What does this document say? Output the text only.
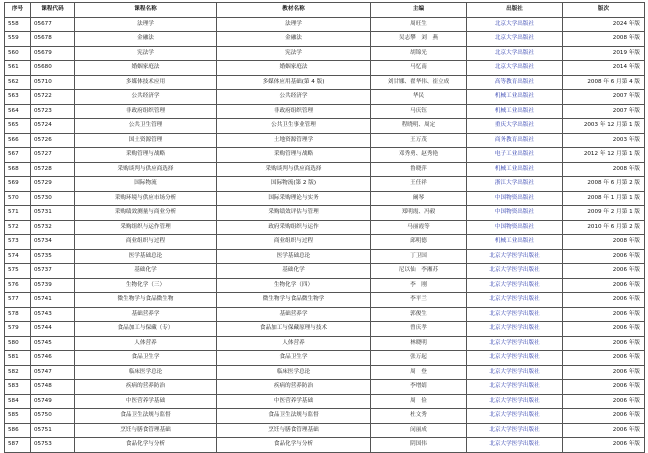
序号	课程代码	课程名称	教材名称	主编	出版社	版次
558	05677	法理学	法理学	周旺生	北京大学出版社	2024 年版
559	05678	金融法	金融法	吴志攀　刘　燕	北京大学出版社	2008 年版
560	05679	宪法学	宪法学	胡锦光	北京大学出版社	2019 年版
561	05680	婚姻家庭法	婚姻家庭法	马忆南	北京大学出版社	2014 年版
562	05710	多媒体技术应用	多媒体应用基础(第 4 版)	刘甘娜、翟华伟、崔立成	高等教育出版社	2008 年 6 月第 4 版
563	05722	公共经济学	公共经济学	华民	机械工业出版社	2007 年版
564	05723	非政府组织管理	非政府组织管理	马庆钰	机械工业出版社	2007 年版
565	05724	公共卫生管理	公共卫生事业管理	程晓明、周定	重庆大学出版社	2003 年 12 月第 1 版
566	05726	国土资源管理	土地资源管理学	王万茂	商务教育出版社	2003 年版
567	05727	采购管理与战略	采购管理与战略	邓秀勇、赵秀艳	电子工业出版社	2012 年 12 月第 1 版
568	05728	采购谈判与供应商选择	采购谈判与供应商选择	鲁晓萍	机械工业出版社	2008 年版
569	05729	国际物流	国际物流(第 2 版)	王任祥	浙江大学出版社	2008 年 6 月第 2 版
570	05730	采购环境与供应市场分析	国际采购理论与实务	阚琴	中国物资出版社	2008 年 1 月第 1 版
571	05731	采购绩效测量与商业分析	采购绩效评估与管理	郑明霞、冯毅	中国物资出版社	2009 年 2 月第 1 版
572	05732	采购组织与运作管理	政府采购组织与运作	马丽霞等	中国物资出版社	2010 年 6 月第 2 版
573	05734	商业组织与过程	商业组织与过程	邱明德	机械工业出版社	2008 年版
574	05735	医学基础总论	医学基础总论	丁卫国	北京大学医学出版社	2006 年版
575	05737	基础化学	基础化学	尼以仙　李湘苏	北京大学医学出版社	2006 年版
576	05739	生物化学（三）	生物化学（四）	李　刚	北京大学医学出版社	2006 年版
577	05741	微生物学与食品微生物	微生物学与食品微生物学	李平兰	北京大学医学出版社	2006 年版
578	05743	基础营养学	基础营养学	郭俊生	北京大学医学出版社	2006 年版
579	05744	食品加工与保藏（专）	食品加工与保藏原理与技术	曾庆孝	北京大学医学出版社	2006 年版
580	05745	人体营养	人体营养	林晓明	北京大学医学出版社	2006 年版
581	05746	食品卫生学	食品卫生学	张万起	北京大学医学出版社	2006 年版
582	05747	临床医学总论	临床医学总论	周　登	北京大学医学出版社	2006 年版
583	05748	疾病的营养防治	疾病的营养防治	李增婧	北京大学医学出版社	2006 年版
584	05749	中医营养学基础	中医营养学基础	周　俭	北京大学医学出版社	2006 年版
585	05750	食品卫生法规与监督	食品卫生法规与监督	杜文秀	北京大学医学出版社	2006 年版
586	05751	烹饪与膳食管理基础	烹饪与膳食管理基础	闵丽成	北京大学医学出版社	2006 年版
587	05753	食品化学与分析	食品化学与分析	阴国伟	北京大学医学出版社	2006 年版
